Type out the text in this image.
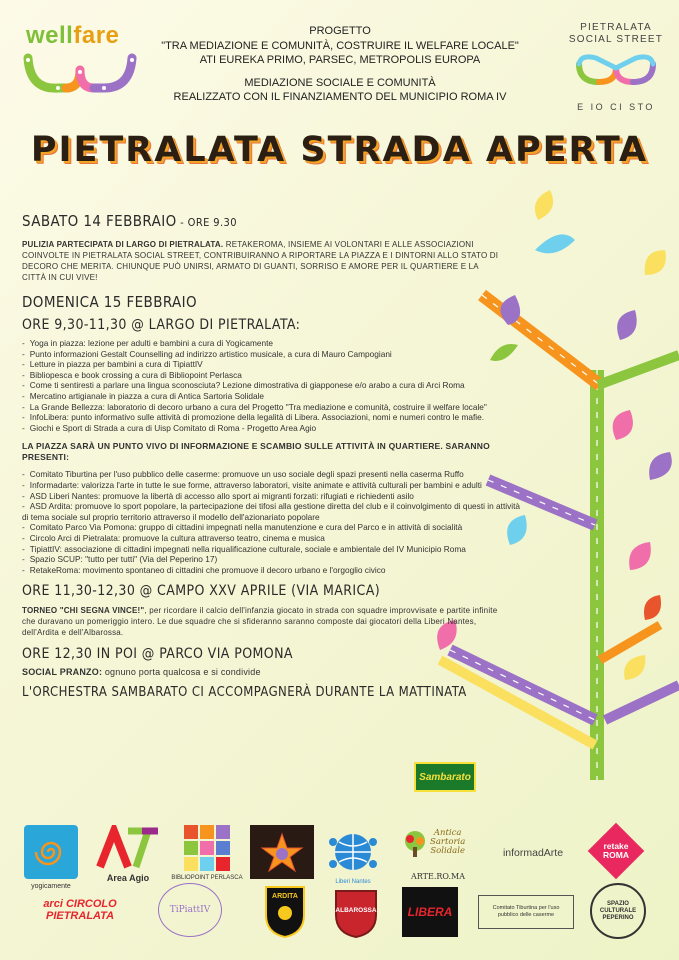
wellfare	PROGETTO
"TRA MEDIAZIONE E COMUNITÀ, COSTRUIRE IL WELFARE LOCALE"
ATI EUREKA PRIMO, PARSEC, METROPOLIS EUROPA
MEDIAZIONE SOCIALE E COMUNITÀ
REALIZZATO CON IL FINANZIAMENTO DEL MUNICIPIO ROMA IV
PIETRALATA
SOCIAL STREET
E IO CI STO
PIETRALATA STRADA APERTA
SABATO 14 FEBBRAIO - ORE 9.30
PULIZIA PARTECIPATA DI LARGO DI PIETRALATA. RETAKEROMA, INSIEME AI VOLONTARI E ALLE ASSOCIAZIONI COINVOLTE IN PIETRALATA SOCIAL STREET, CONTRIBUIRANNO A RIPORTARE LA PIAZZA E I DINTORNI ALLO STATO DI DECORO CHE MERITA. CHIUNQUE PUÒ UNIRSI, ARMATO DI GUANTI, SORRISO E AMORE PER IL QUARTIERE E LA CITTÀ IN CUI VIVE!
DOMENICA 15 FEBBRAIO
ORE 9,30-11,30 @ LARGO DI PIETRALATA:
- Yoga in piazza: lezione per adulti e bambini a cura di Yogicamente
- Punto informazioni Gestalt Counselling ad indirizzo artistico musicale, a cura di Mauro Campogiani
- Letture in piazza per bambini a cura di TipiattIV
- Bibliopesca e book crossing a cura di Bibliopoint Perlasca
- Come ti sentiresti a parlare una lingua sconosciuta? Lezione dimostrativa di giapponese e/o arabo a cura di Arci Roma
- Mercatino artigianale in piazza a cura di Antica Sartoria Solidale
- La Grande Bellezza: laboratorio di decoro urbano a cura del Progetto "Tra mediazione e comunità, costruire il welfare locale"
- InfoLibera: punto informativo sulle attività di promozione della legalità di Libera. Associazioni, nomi e numeri contro le mafie.
- Giochi e Sport di Strada a cura di Uisp Comitato di Roma - Progetto Area Agio
LA PIAZZA SARÀ UN PUNTO VIVO DI INFORMAZIONE E SCAMBIO SULLE ATTIVITÀ IN QUARTIERE. SARANNO PRESENTI:
- Comitato Tiburtina per l'uso pubblico delle caserme: promuove un uso sociale degli spazi presenti nella caserma Ruffo
- Informadarte: valorizza l'arte in tutte le sue forme, attraverso laboratori, visite animate e attività culturali per bambini e adulti
- ASD Liberi Nantes: promuove la libertà di accesso allo sport ai migranti forzati: rifugiati e richiedenti asilo
- ASD Ardita: promuove lo sport popolare, la partecipazione dei tifosi alla gestione diretta del club e il coinvolgimento di questi in attività di tema sociale sul proprio territorio attraverso il modello dell'azionariato popolare
- Comitato Parco Via Pomona: gruppo di cittadini impegnati nella manutenzione e cura del Parco e in attività di socialità
- Circolo Arci di Pietralata: promuove la cultura attraverso teatro, cinema e musica
- TipiattIV: associazione di cittadini impegnati nella riqualificazione culturale, sociale e ambientale del IV Municipio Roma
- Spazio SCUP: "tutto per tutti" (Via del Peperino 17)
- RetakeRoma: movimento spontaneo di cittadini che promuove il decoro urbano e l'orgoglio civico
ORE 11,30-12,30 @ CAMPO XXV APRILE (VIA MARICA)
TORNEO "CHI SEGNA VINCE!", per ricordare il calcio dell'infanzia giocato in strada con squadre improvvisate e partite infinite che duravano un pomeriggio intero. Le due squadre che si sfideranno saranno composte dai giocatori della Liberi Nantes, dell'Ardita e dell'Albarossa.
ORE 12,30 IN POI @ PARCO VIA POMONA
SOCIAL PRANZO: ognuno porta qualcosa e si condivide
L'ORCHESTRA SAMBARATO CI ACCOMPAGNERÀ DURANTE LA MATTINATA
Sambarato
yogicamente
Area Agio	BIBLIOPOINT PERLASCA
Liberi Nantes
Antica
Sartoria
Solidale
ARTE.RO.MA
informadArte
retake ROMA
arci CIRCOLO PIETRALATA	TiPiattIV
ARDITA
ALBAROSSA	LIBERA	Comitato Tiburtina per l'uso pubblico delle caserme
SPAZIO CULTURALE PEPERINO
